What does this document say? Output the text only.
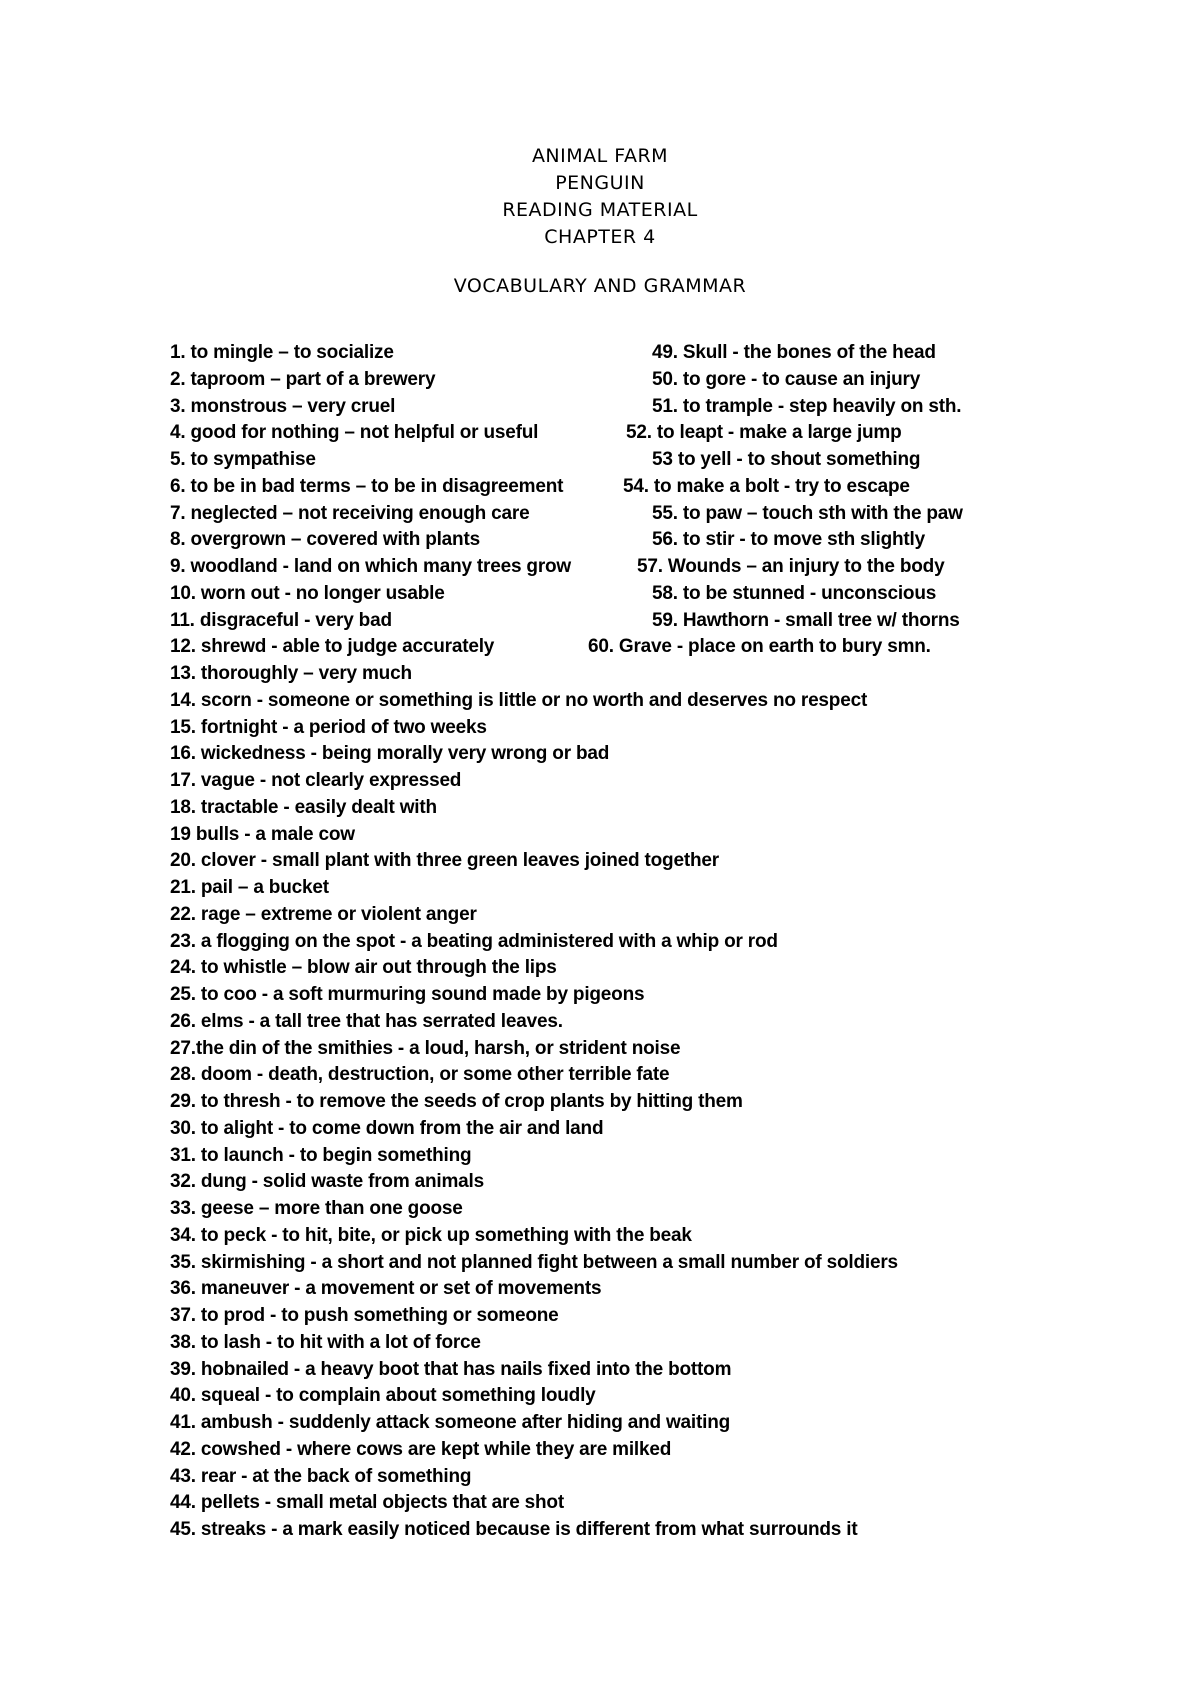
ANIMAL FARM
PENGUIN
READING MATERIAL
CHAPTER 4
VOCABULARY AND GRAMMAR
1. to mingle – to socialize	49. Skull - the bones of the head
2. taproom – part of a brewery	50. to gore - to cause an injury
3. monstrous – very cruel	51. to trample - step heavily on sth.
4. good for nothing – not helpful or useful	52. to leapt - make a large jump
5. to sympathise	53 to yell - to shout something
6. to be in bad terms – to be in disagreement	54. to make a bolt - try to escape
7. neglected – not receiving enough care	55. to paw – touch sth with the paw
8. overgrown – covered with plants	56. to stir - to move sth slightly
9. woodland - land on which many trees grow	57. Wounds – an injury to the body
10. worn out - no longer usable	58. to be stunned - unconscious
11. disgraceful - very bad	59. Hawthorn - small tree w/ thorns
12. shrewd - able to judge accurately	60. Grave - place on earth to bury smn.
13. thoroughly – very much
14. scorn - someone or something is little or no worth and deserves no respect
15. fortnight - a period of two weeks
16. wickedness - being morally very wrong or bad
17. vague - not clearly expressed
18. tractable - easily dealt with
19 bulls - a male cow
20. clover - small plant with three green leaves joined together
21. pail – a bucket
22. rage – extreme or violent anger
23. a flogging on the spot - a beating administered with a whip or rod
24. to whistle – blow air out through the lips
25. to coo - a soft murmuring sound made by pigeons
26. elms - a tall tree that has serrated leaves.
27.the din of the smithies - a loud, harsh, or strident noise
28. doom - death, destruction, or some other terrible fate
29. to thresh - to remove the seeds of crop plants by hitting them
30. to alight - to come down from the air and land
31. to launch - to begin something
32. dung - solid waste from animals
33. geese – more than one goose
34. to peck - to hit, bite, or pick up something with the beak
35. skirmishing - a short and not planned fight between a small number of soldiers
36. maneuver - a movement or set of movements
37. to prod - to push something or someone
38. to lash - to hit with a lot of force
39. hobnailed - a heavy boot that has nails fixed into the bottom
40. squeal - to complain about something loudly
41. ambush - suddenly attack someone after hiding and waiting
42. cowshed - where cows are kept while they are milked
43. rear - at the back of something
44. pellets - small metal objects that are shot
45. streaks - a mark easily noticed because is different from what surrounds it
